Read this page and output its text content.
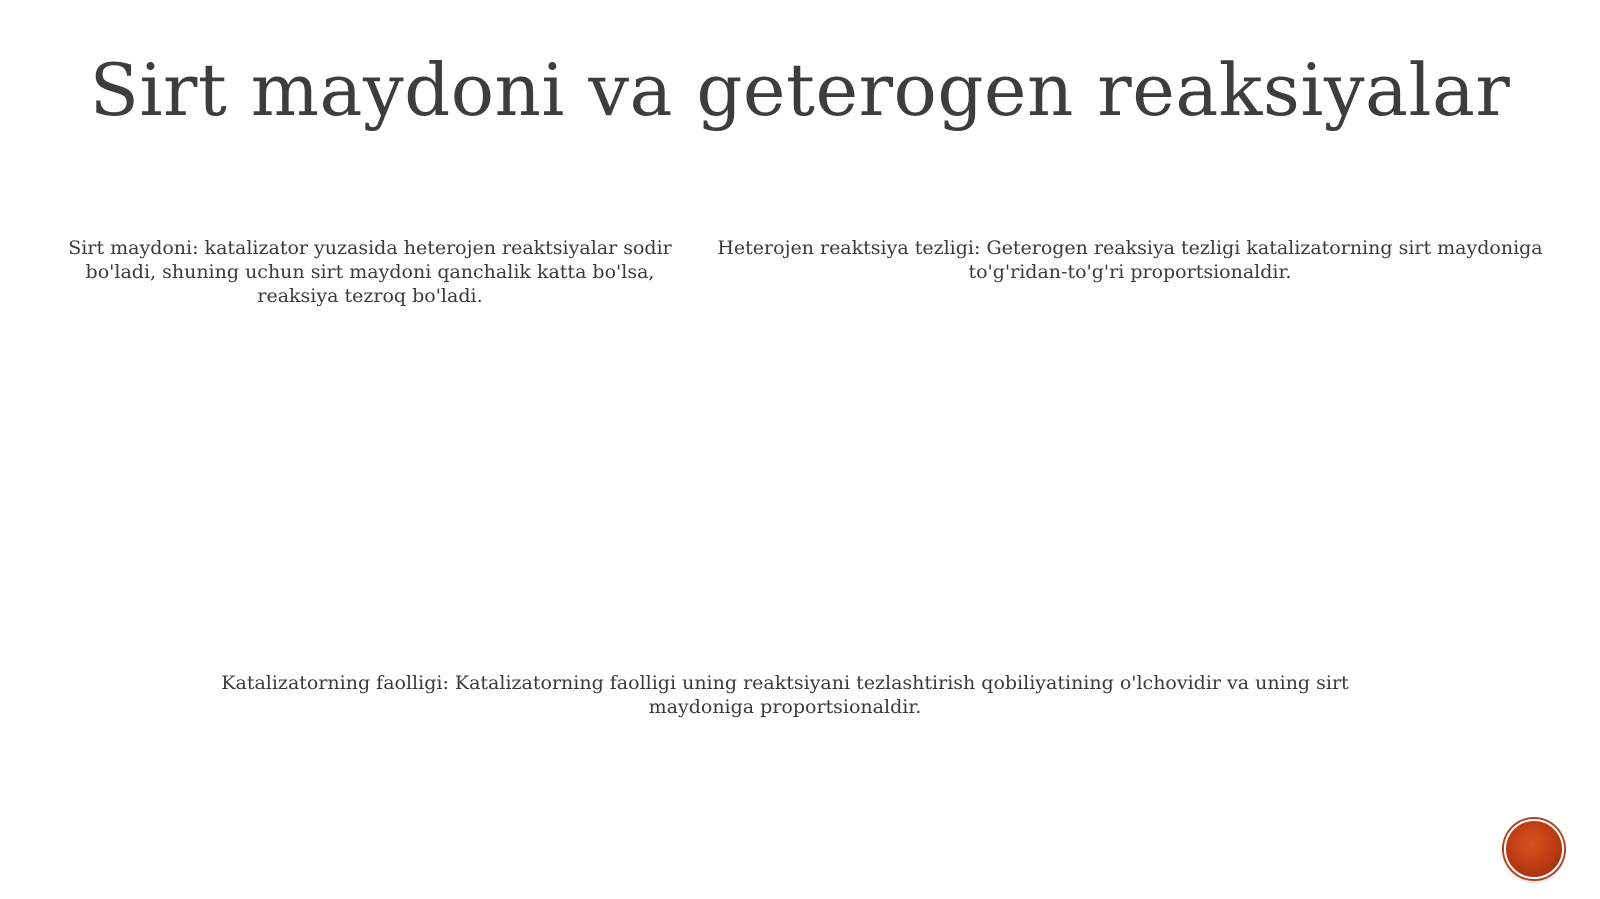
Sirt maydoni va geterogen reaksiyalar
Sirt maydoni: katalizator yuzasida heterojen reaktsiyalar sodir bo'ladi, shuning uchun sirt maydoni qanchalik katta bo'lsa, reaksiya tezroq bo'ladi.
Heterojen reaktsiya tezligi: Geterogen reaksiya tezligi katalizatorning sirt maydoniga to'g'ridan-to'g'ri proportsionaldir.
Katalizatorning faolligi: Katalizatorning faolligi uning reaktsiyani tezlashtirish qobiliyatining o'lchovidir va uning sirt maydoniga proportsionaldir.
